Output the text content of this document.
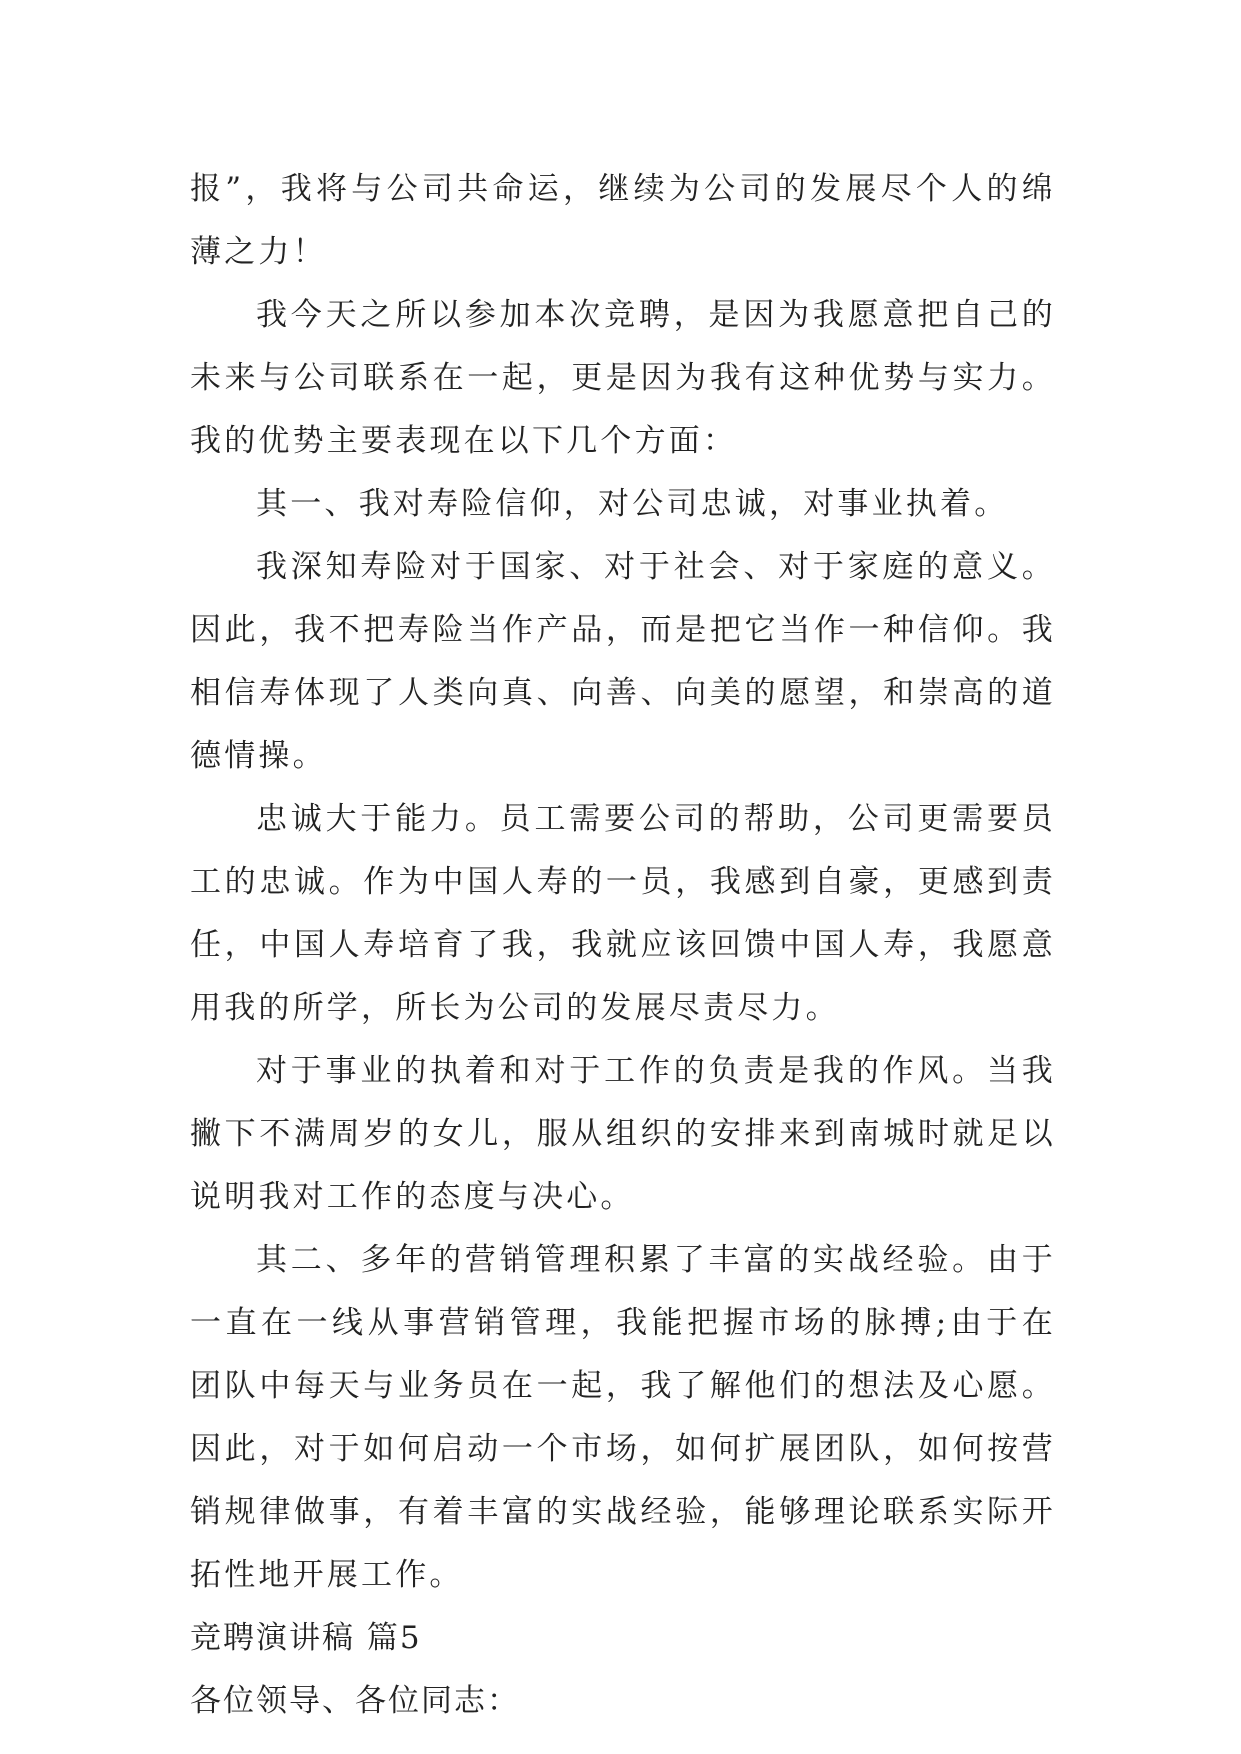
报”，我将与公司共命运，继续为公司的发展尽个人的绵薄之力！

我今天之所以参加本次竞聘，是因为我愿意把自己的未来与公司联系在一起，更是因为我有这种优势与实力。我的优势主要表现在以下几个方面：

其一、我对寿险信仰，对公司忠诚，对事业执着。

我深知寿险对于国家、对于社会、对于家庭的意义。因此，我不把寿险当作产品，而是把它当作一种信仰。我相信寿体现了人类向真、向善、向美的愿望，和崇高的道德情操。

忠诚大于能力。员工需要公司的帮助，公司更需要员工的忠诚。作为中国人寿的一员，我感到自豪，更感到责任，中国人寿培育了我，我就应该回馈中国人寿，我愿意用我的所学，所长为公司的发展尽责尽力。

对于事业的执着和对于工作的负责是我的作风。当我撇下不满周岁的女儿，服从组织的安排来到南城时就足以说明我对工作的态度与决心。

其二、多年的营销管理积累了丰富的实战经验。由于一直在一线从事营销管理，我能把握市场的脉搏;由于在团队中每天与业务员在一起，我了解他们的想法及心愿。因此，对于如何启动一个市场，如何扩展团队，如何按营销规律做事，有着丰富的实战经验，能够理论联系实际开拓性地开展工作。

竞聘演讲稿 篇5

各位领导、各位同志：
